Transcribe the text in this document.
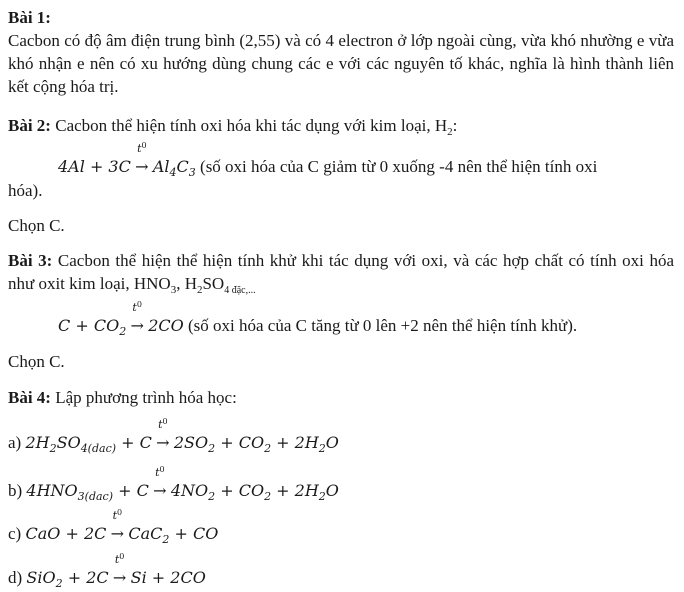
Bài 1:
Cacbon có độ âm điện trung bình (2,55) và có 4 electron ở lớp ngoài cùng, vừa khó nhường e vừa khó nhận e nên có xu hướng dùng chung các e với các nguyên tố khác, nghĩa là hình thành liên kết cộng hóa trị.
Bài 2: Cacbon thể hiện tính oxi hóa khi tác dụng với kim loại, $H_2$:
4Al + 3C
$t^0$
→ $Al_4C_3$ (số oxi hóa của C giảm từ 0 xuống -4 nên thể hiện tính oxi
hóa).
Chọn C.
Bài 3: Cacbon thể hiện thể hiện tính khử khi tác dụng với oxi, và các hợp chất có tính oxi hóa như oxit kim loại, $HNO_3$, $H_2SO_{4 đặc,...}$
$C + CO_2$
$t^0$
→ 2CO (số oxi hóa của C tăng từ 0 lên +2 nên thể hiện tính khử).
Chọn C.
Bài 4: Lập phương trình hóa học:
a) $2H_2SO_{4(dac)} + C$
$t^0$
→ $2SO_2 + CO_2 + 2H_2O$
b) $4HNO_{3(dac)} + C$
$t^0$
→ $4NO_2 + CO_2 + 2H_2O$
c) CaO + 2C
$t^0$
→ CaC$_2$ + CO
d) SiO$_2$ + 2C
$t^0$
→ Si + 2CO
